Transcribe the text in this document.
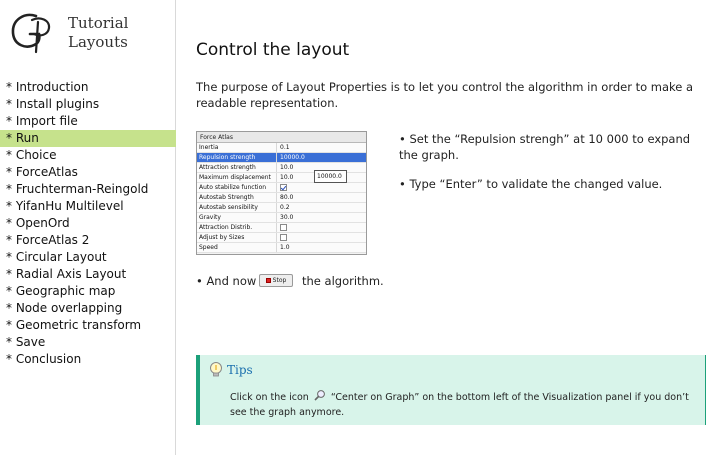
Tutorial
Layouts
* Introduction
* Install plugins
* Import file
* Run
* Choice
* ForceAtlas
* Fruchterman-Reingold
* YifanHu Multilevel
* OpenOrd
* ForceAtlas 2
* Circular Layout
* Radial Axis Layout
* Geographic map
* Node overlapping
* Geometric transform
* Save
* Conclusion
Control the layout
The purpose of Layout Properties is to let you control the algorithm in order to make a readable representation.
Force Atlas
Inertia	0.1
Repulsion strength	10000.0
Attraction strength	10.0
Maximum displacement	10.0
Auto stabilize function
Autostab Strength	80.0
Autostab sensibility	0.2
Gravity	30.0
Attraction Distrib.
Adjust by Sizes
Speed	1.0
10000.0

• Set the “Repulsion strengh” at 10 000 to expand the graph.

• Type “Enter” to validate the changed value.

• And now	Stop the algorithm.
Tips
Click on the icon “Center on Graph” on the bottom left of the Visualization panel if you don’t see the graph anymore.
